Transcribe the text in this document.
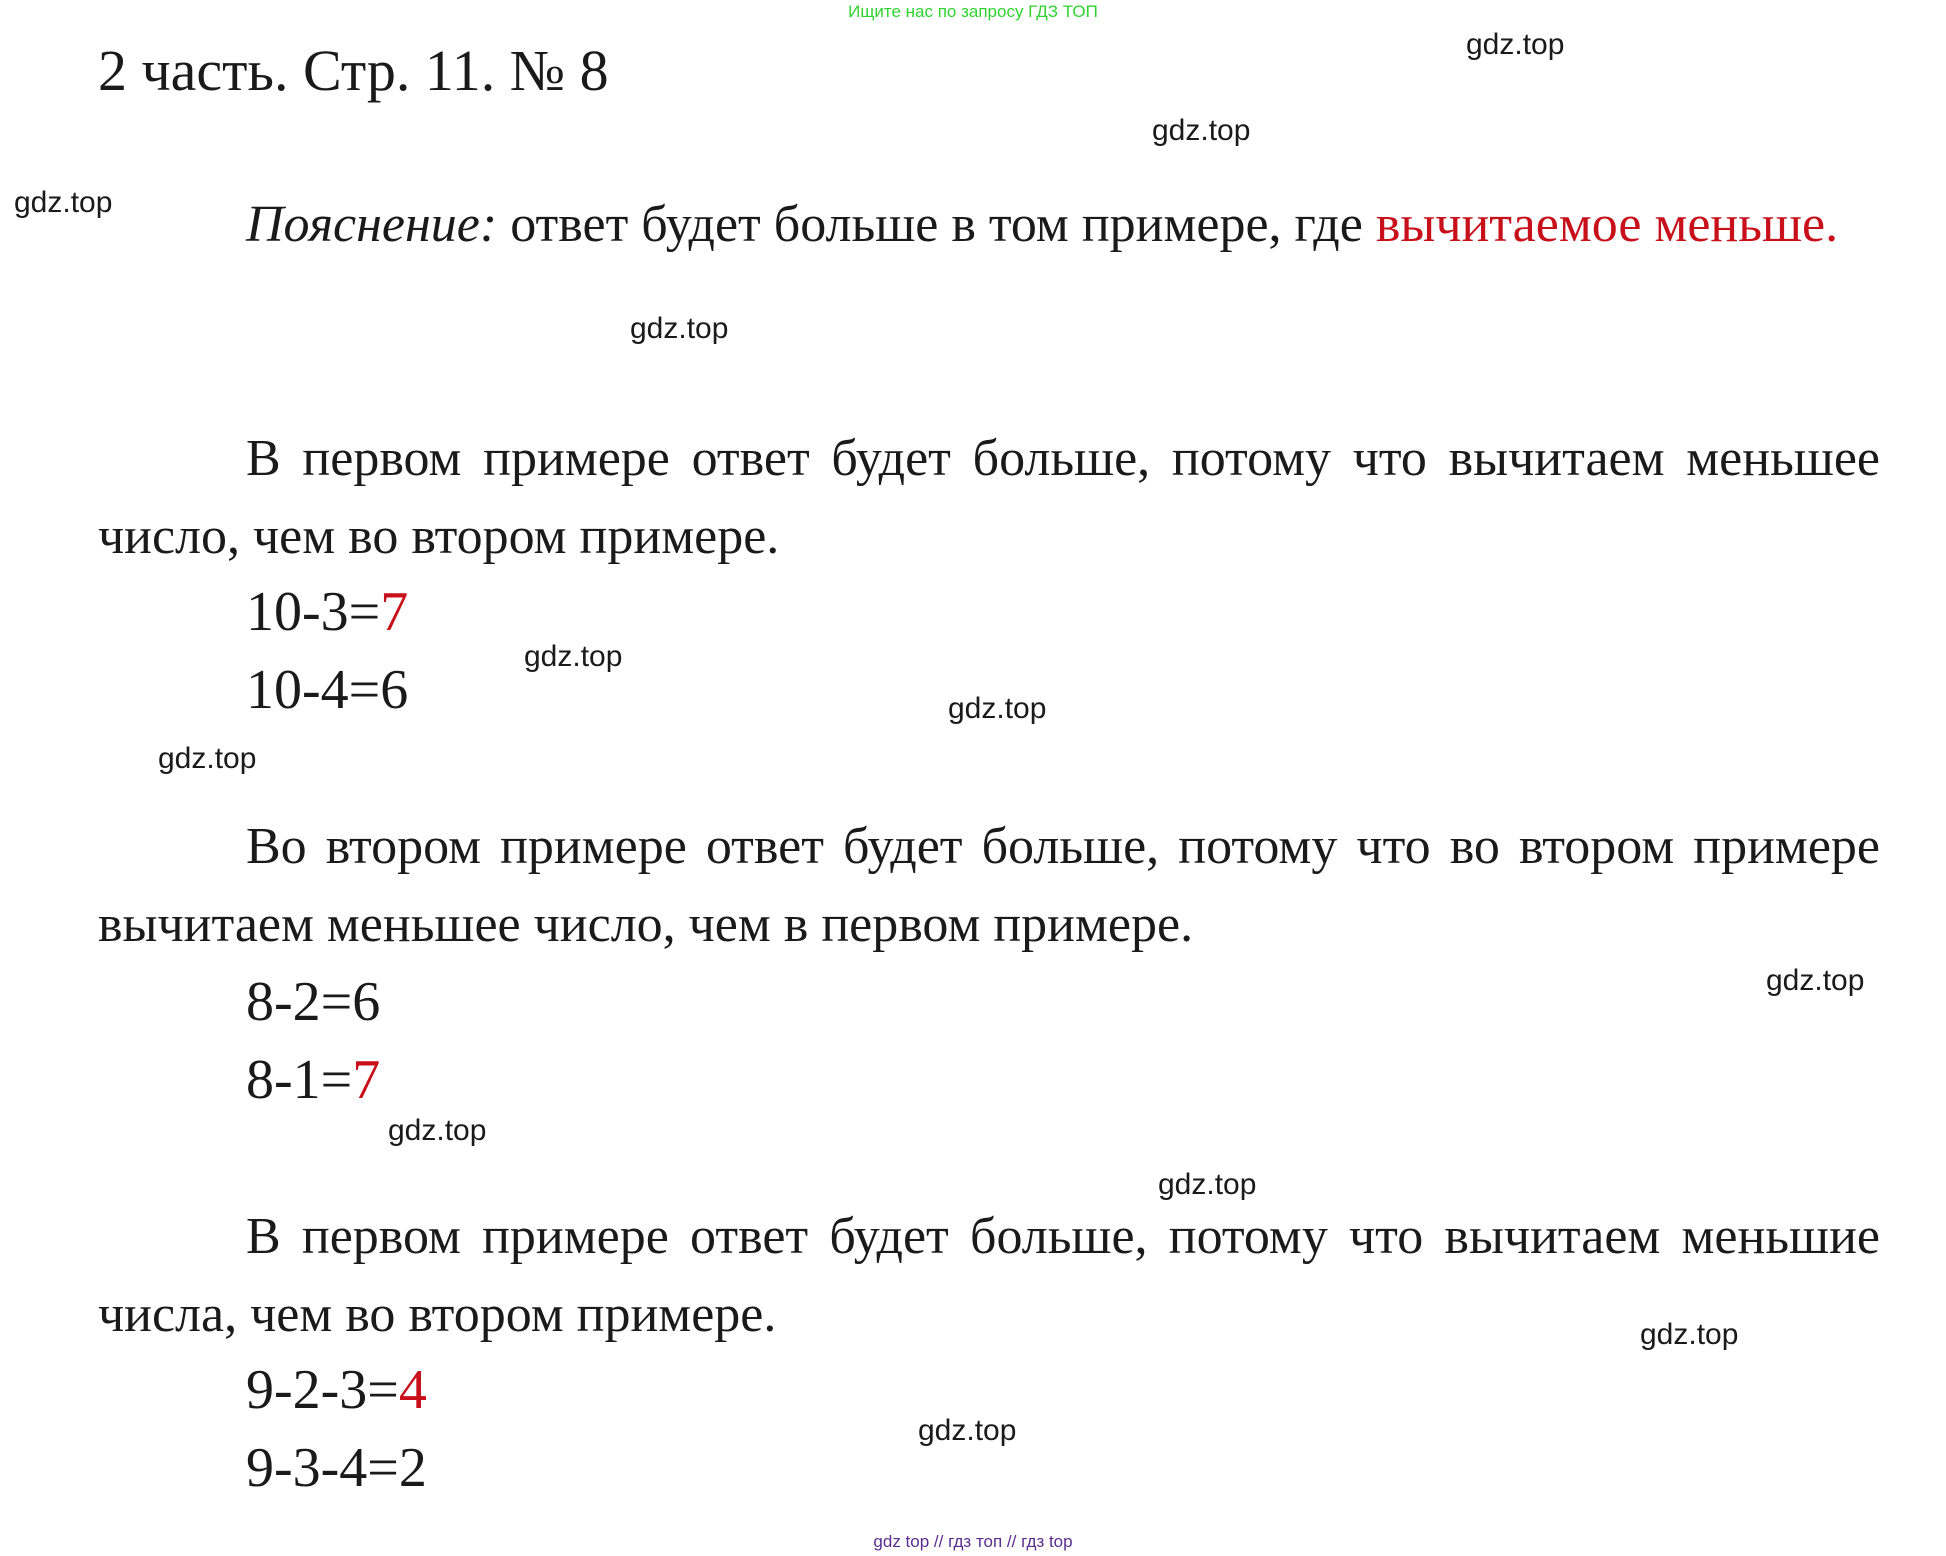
Ищите нас по запросу ГДЗ ТОП
2 часть. Стр. 11. № 8
Пояснение: ответ будет больше в том примере, где вычитаемое меньше.
В первом примере ответ будет больше, потому что вычитаем меньшее число, чем во втором примере.
10-3=7
10-4=6
Во втором примере ответ будет больше, потому что во втором примере вычитаем меньшее число, чем в первом примере.
8-2=6
8-1=7
В первом примере ответ будет больше, потому что вычитаем меньшие числа, чем во втором примере.
9-2-3=4
9-3-4=2
gdz.top
gdz.top
gdz.top
gdz.top
gdz.top
gdz.top
gdz.top
gdz.top
gdz.top
gdz.top
gdz.top
gdz.top
gdz top // гдз топ // гдз top
